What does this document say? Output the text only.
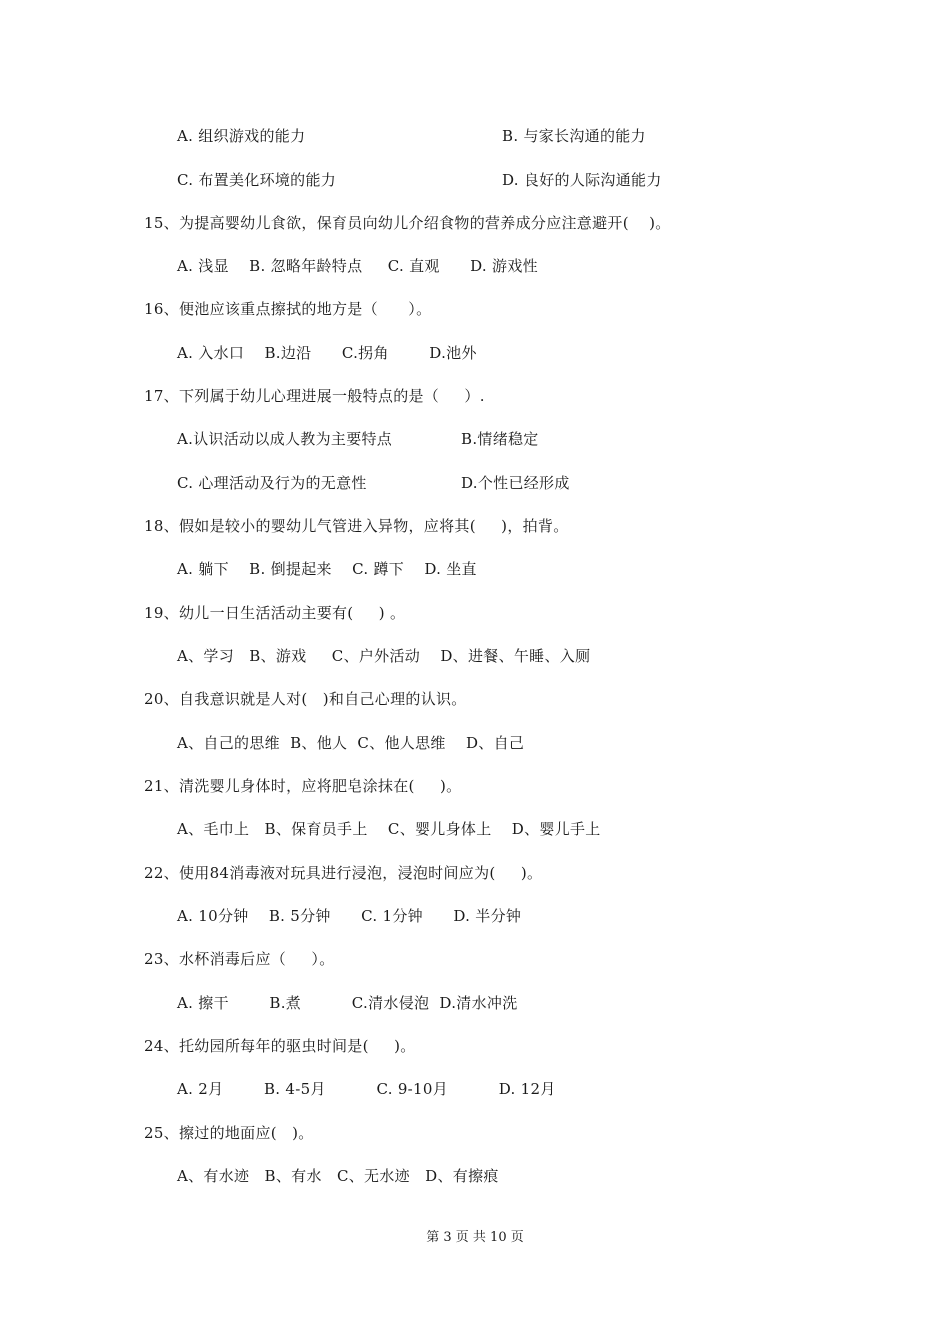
A. 组织游戏的能力	B. 与家长沟通的能力
C. 布置美化环境的能力	D. 良好的人际沟通能力
15、为提高婴幼儿食欲，保育员向幼儿介绍食物的营养成分应注意避开(    )。
A. 浅显    B. 忽略年龄特点     C. 直观      D. 游戏性
16、便池应该重点擦拭的地方是（      ）。
A. 入水口    B.边沿      C.拐角        D.池外
17、下列属于幼儿心理进展一般特点的是（     ）.
A.认识活动以成人教为主要特点	B.情绪稳定
C. 心理活动及行为的无意性	D.个性已经形成
18、假如是较小的婴幼儿气管进入异物，应将其(     )，拍背。
A. 躺下    B. 倒提起来    C. 蹲下    D. 坐直
19、幼儿一日生活活动主要有(     ) 。
A、学习   B、游戏     C、户外活动    D、进餐、午睡、入厕
20、自我意识就是人对(   )和自己心理的认识。
A、自己的思维  B、他人  C、他人思维    D、自己
21、清洗婴儿身体时，应将肥皂涂抹在(     )。
A、毛巾上   B、保育员手上    C、婴儿身体上    D、婴儿手上
22、使用84消毒液对玩具进行浸泡，浸泡时间应为(     )。
A. 10分钟    B. 5分钟      C. 1分钟      D. 半分钟
23、水杯消毒后应（     ）。
A. 擦干        B.煮          C.清水侵泡  D.清水冲洗
24、托幼园所每年的驱虫时间是(     )。
A. 2月        B. 4-5月          C. 9-10月          D. 12月
25、擦过的地面应(   )。
A、有水迹   B、有水   C、无水迹   D、有擦痕
第 3 页 共 10 页
